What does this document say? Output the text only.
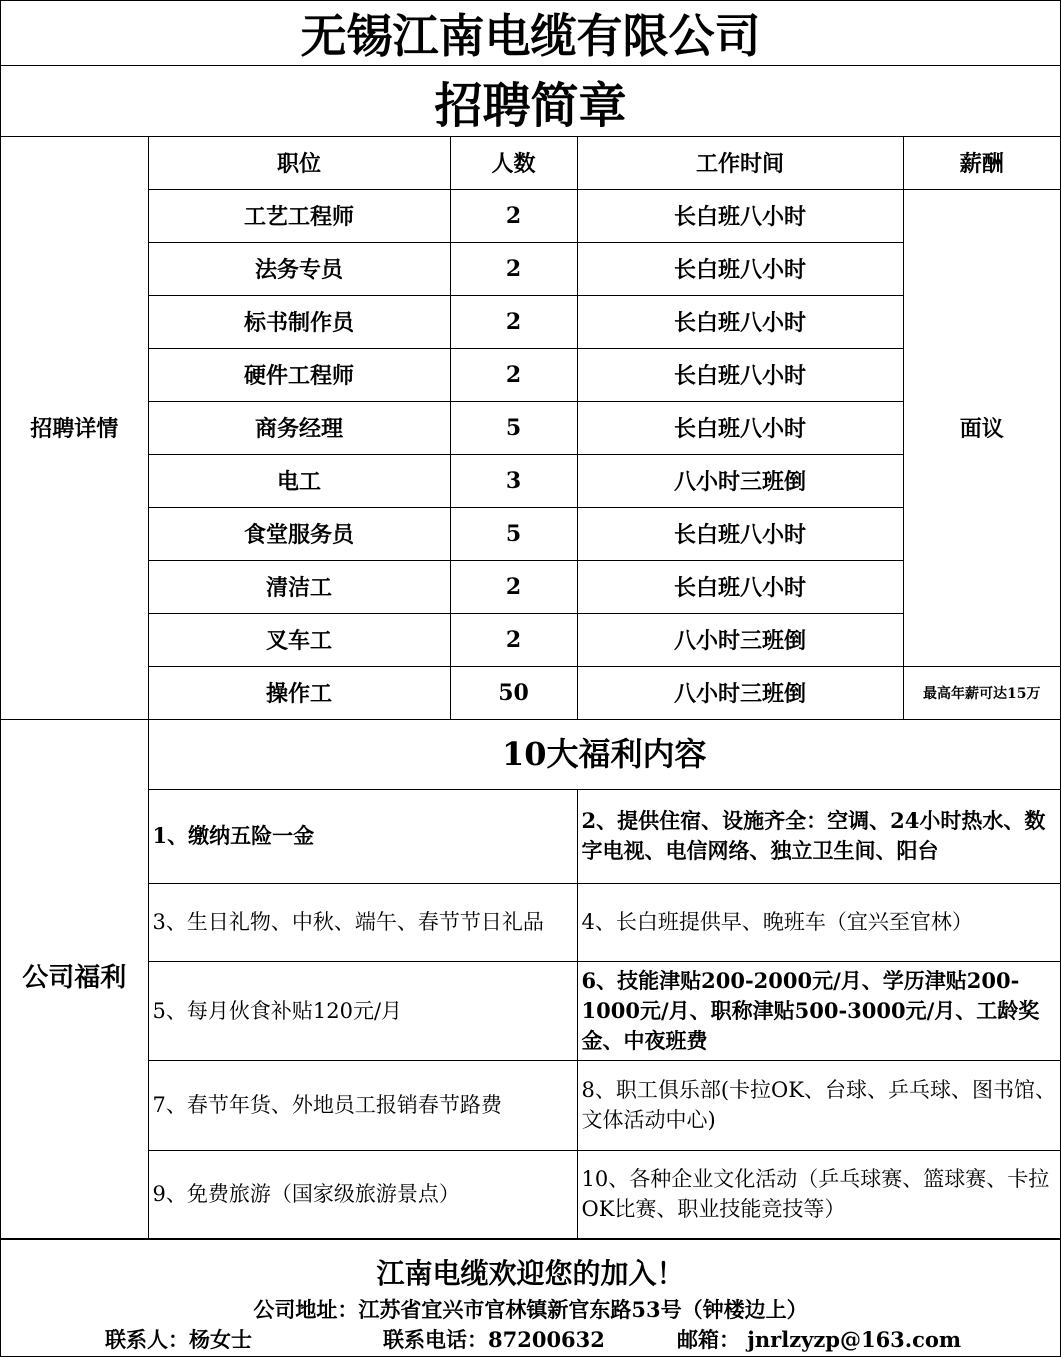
无锡江南电缆有限公司
招聘简章
招聘详情	职位	人数	工作时间	薪酬
	工艺工程师	2	长白班八小时	面议
	法务专员	2	长白班八小时	
	标书制作员	2	长白班八小时	
	硬件工程师	2	长白班八小时	
	商务经理	5	长白班八小时	
	电工	3	八小时三班倒	
	食堂服务员	5	长白班八小时	
	清洁工	2	长白班八小时	
	叉车工	2	八小时三班倒	
	操作工	50	八小时三班倒	最高年薪可达15万
公司福利	10大福利内容	
	1、缴纳五险一金	2、提供住宿、设施齐全：空调、24小时热水、数字电视、电信网络、独立卫生间、阳台
	3、生日礼物、中秋、端午、春节节日礼品	4、长白班提供早、晚班车（宜兴至官林）
	5、每月伙食补贴120元/月	6、技能津贴200-2000元/月、学历津贴200-1000元/月、职称津贴500-3000元/月、工龄奖金、中夜班费
	7、春节年货、外地员工报销春节路费	8、职工俱乐部(卡拉OK、台球、乒乓球、图书馆、文体活动中心)
	9、免费旅游（国家级旅游景点）	10、各种企业文化活动（乒乓球赛、篮球赛、卡拉OK比赛、职业技能竞技等）
江南电缆欢迎您的加入！
公司地址：江苏省宜兴市官林镇新官东路53号（钟楼边上）
联系人：杨女士	联系电话：87200632	邮箱： jnrlzyzp@163.com
